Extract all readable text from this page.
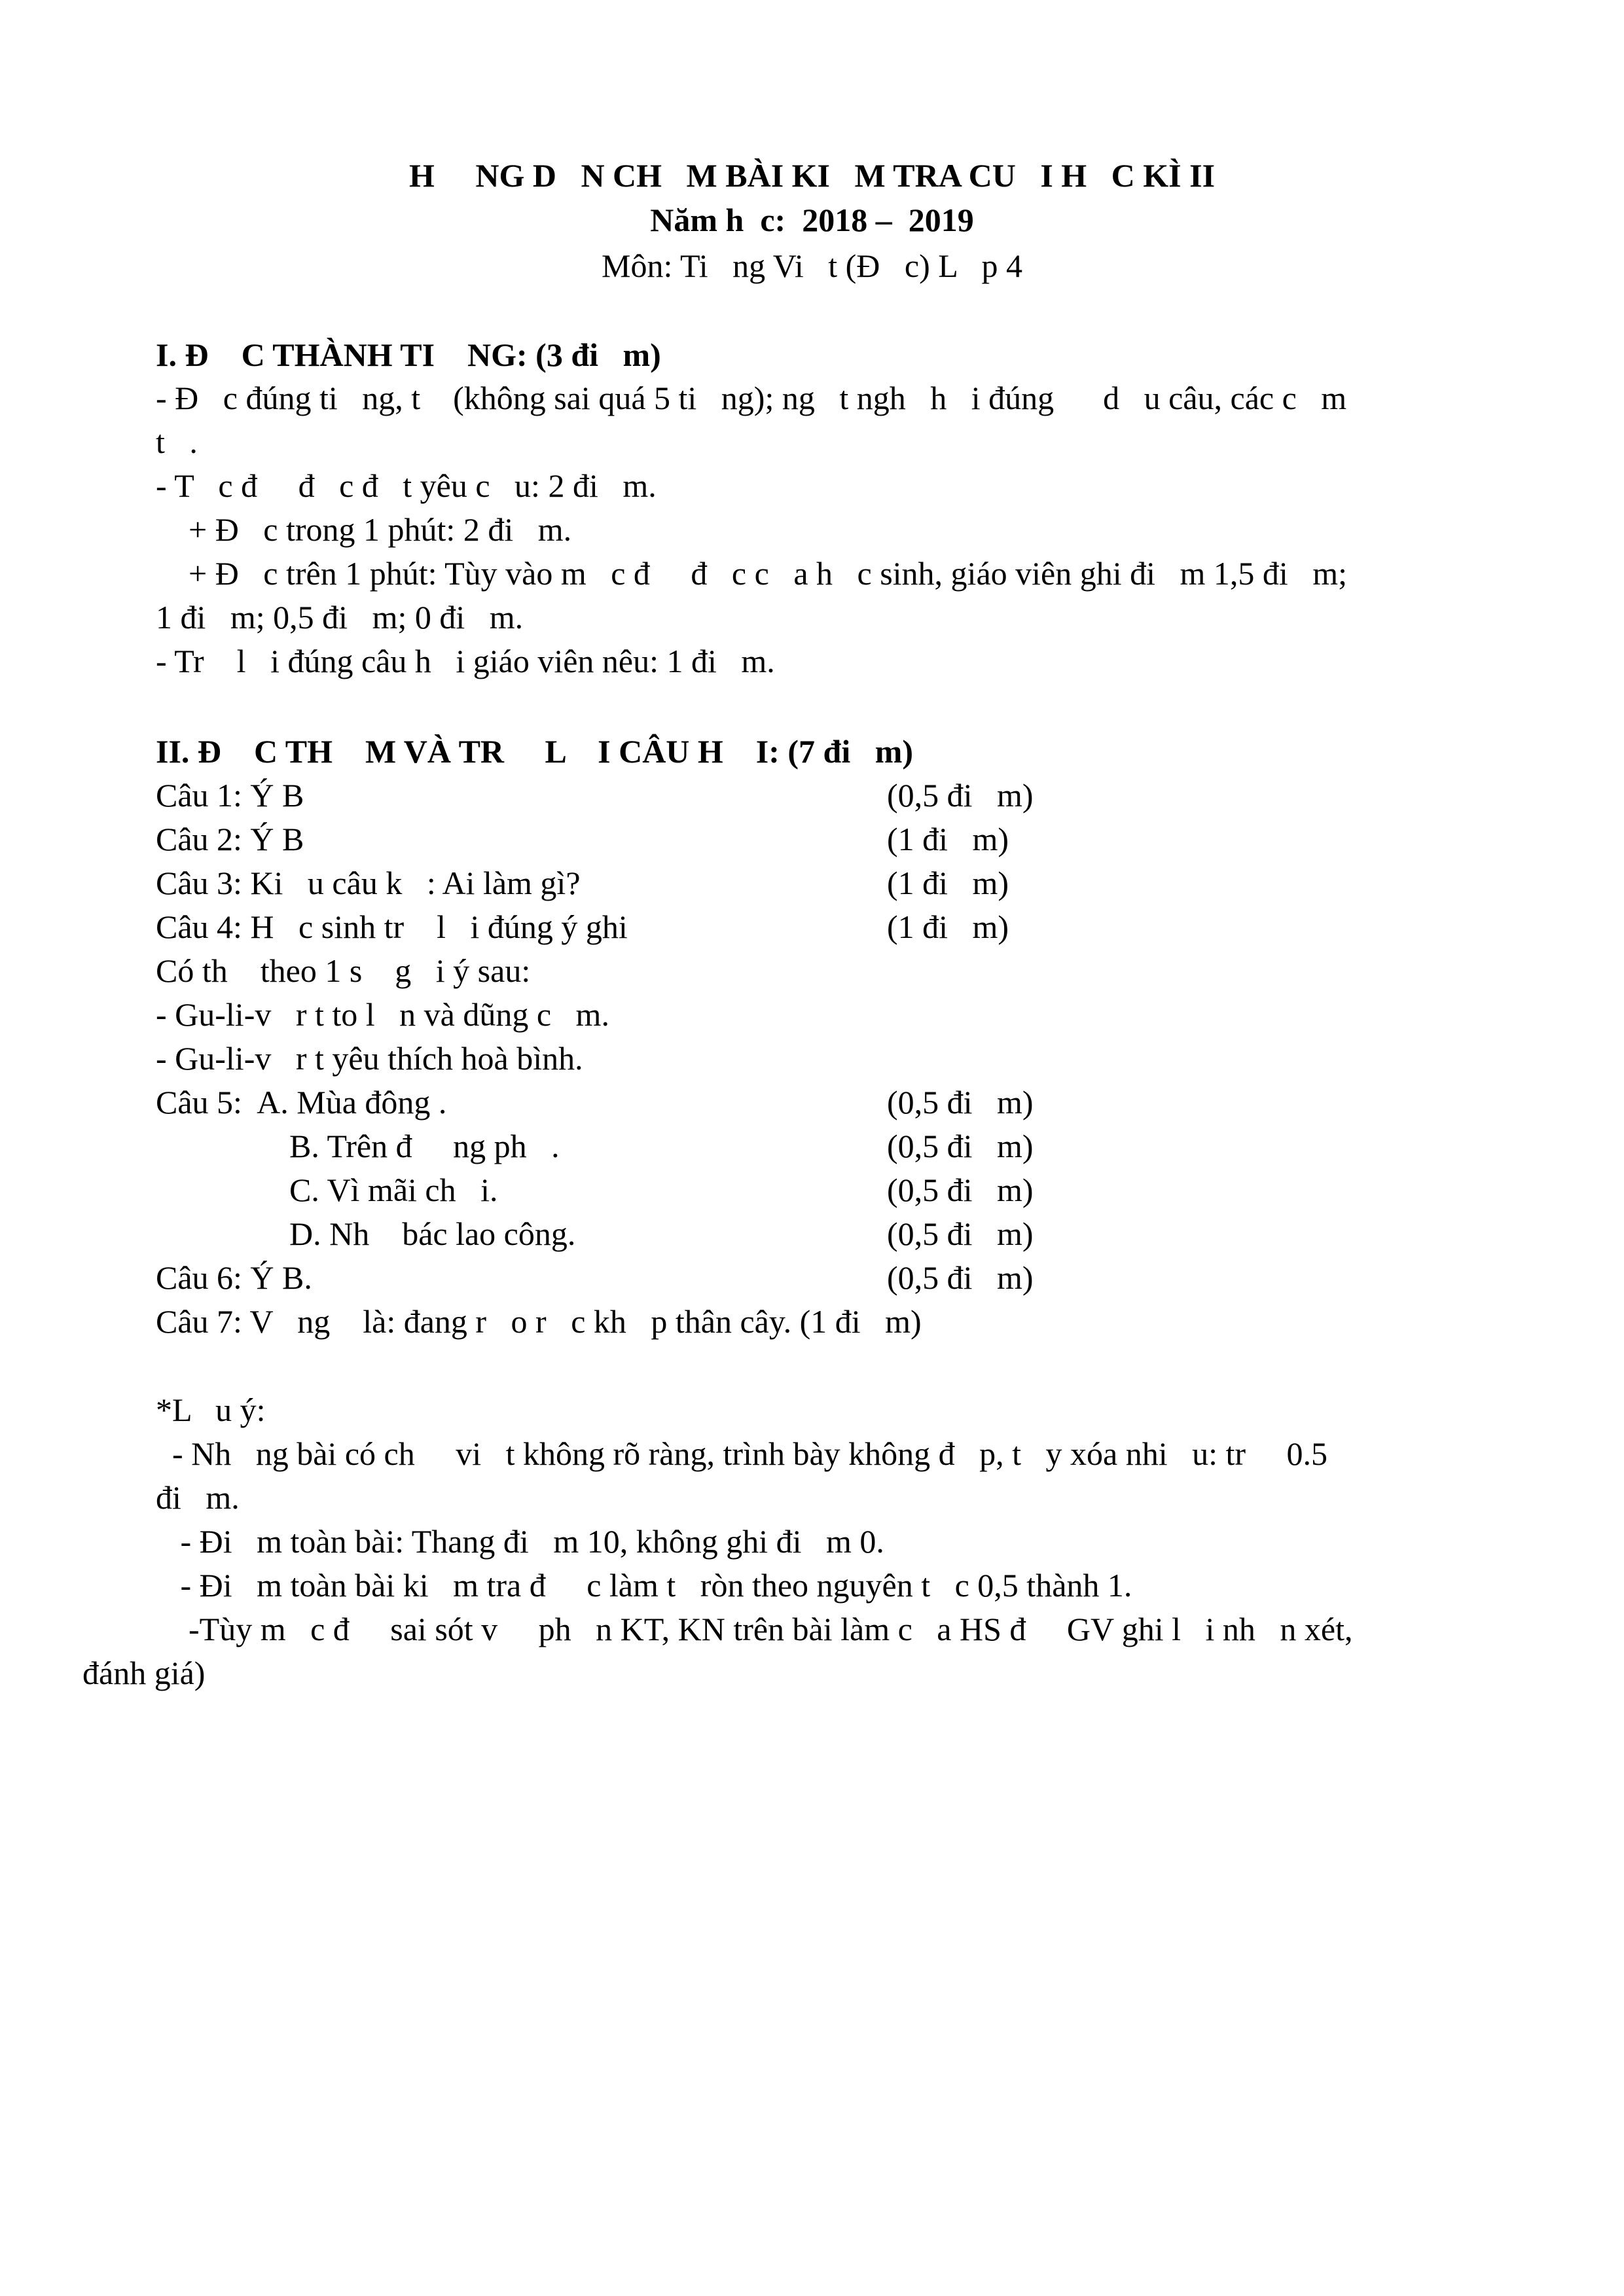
H     NG D   N CH   M BÀI KI   M TRA CU   I H   C KÌ II
Năm h  c:  2018 –  2019
Môn: Ti   ng Vi   t (Đ   c) L   p 4
I. Đ    C THÀNH TI    NG: (3 đi   m)
- Đ   c đúng ti   ng, t    (không sai quá 5 ti   ng); ng   t ngh   h   i đúng      d   u câu, các c   m
t   .
- T   c đ     đ   c đ   t yêu c   u: 2 đi   m.
+ Đ   c trong 1 phút: 2 đi   m.
+ Đ   c trên 1 phút: Tùy vào m   c đ     đ   c c   a h   c sinh, giáo viên ghi đi   m 1,5 đi   m;
1 đi   m; 0,5 đi   m; 0 đi   m.
- Tr    l   i đúng câu h   i giáo viên nêu: 1 đi   m.
II. Đ    C TH    M VÀ TR     L    I CÂU H    I: (7 đi   m)
Câu 1: Ý B	(0,5 đi   m)
Câu 2: Ý B	(1 đi   m)
Câu 3: Ki   u câu k   : Ai làm gì?	(1 đi   m)
Câu 4: H   c sinh tr    l   i đúng ý ghi	(1 đi   m)
Có th    theo 1 s    g   i ý sau:
- Gu-li-v   r t to l   n và dũng c   m.
- Gu-li-v   r t yêu thích hoà bình.
Câu 5:  A. Mùa đông .	(0,5 đi   m)
B. Trên đ     ng ph   .	(0,5 đi   m)
C. Vì mãi ch   i.	(0,5 đi   m)
D. Nh    bác lao công.	(0,5 đi   m)
Câu 6: Ý B.	(0,5 đi   m)
Câu 7: V   ng    là: đang r   o r   c kh   p thân cây. (1 đi   m)
*L   u ý:
- Nh   ng bài có ch     vi   t không rõ ràng, trình bày không đ   p, t   y xóa nhi   u: tr     0.5
đi   m.
- Đi   m toàn bài: Thang đi   m 10, không ghi đi   m 0.
- Đi   m toàn bài ki   m tra đ     c làm t   ròn theo nguyên t   c 0,5 thành 1.
-Tùy m   c đ     sai sót v     ph   n KT, KN trên bài làm c   a HS đ     GV ghi l   i nh   n xét,
đánh giá)
